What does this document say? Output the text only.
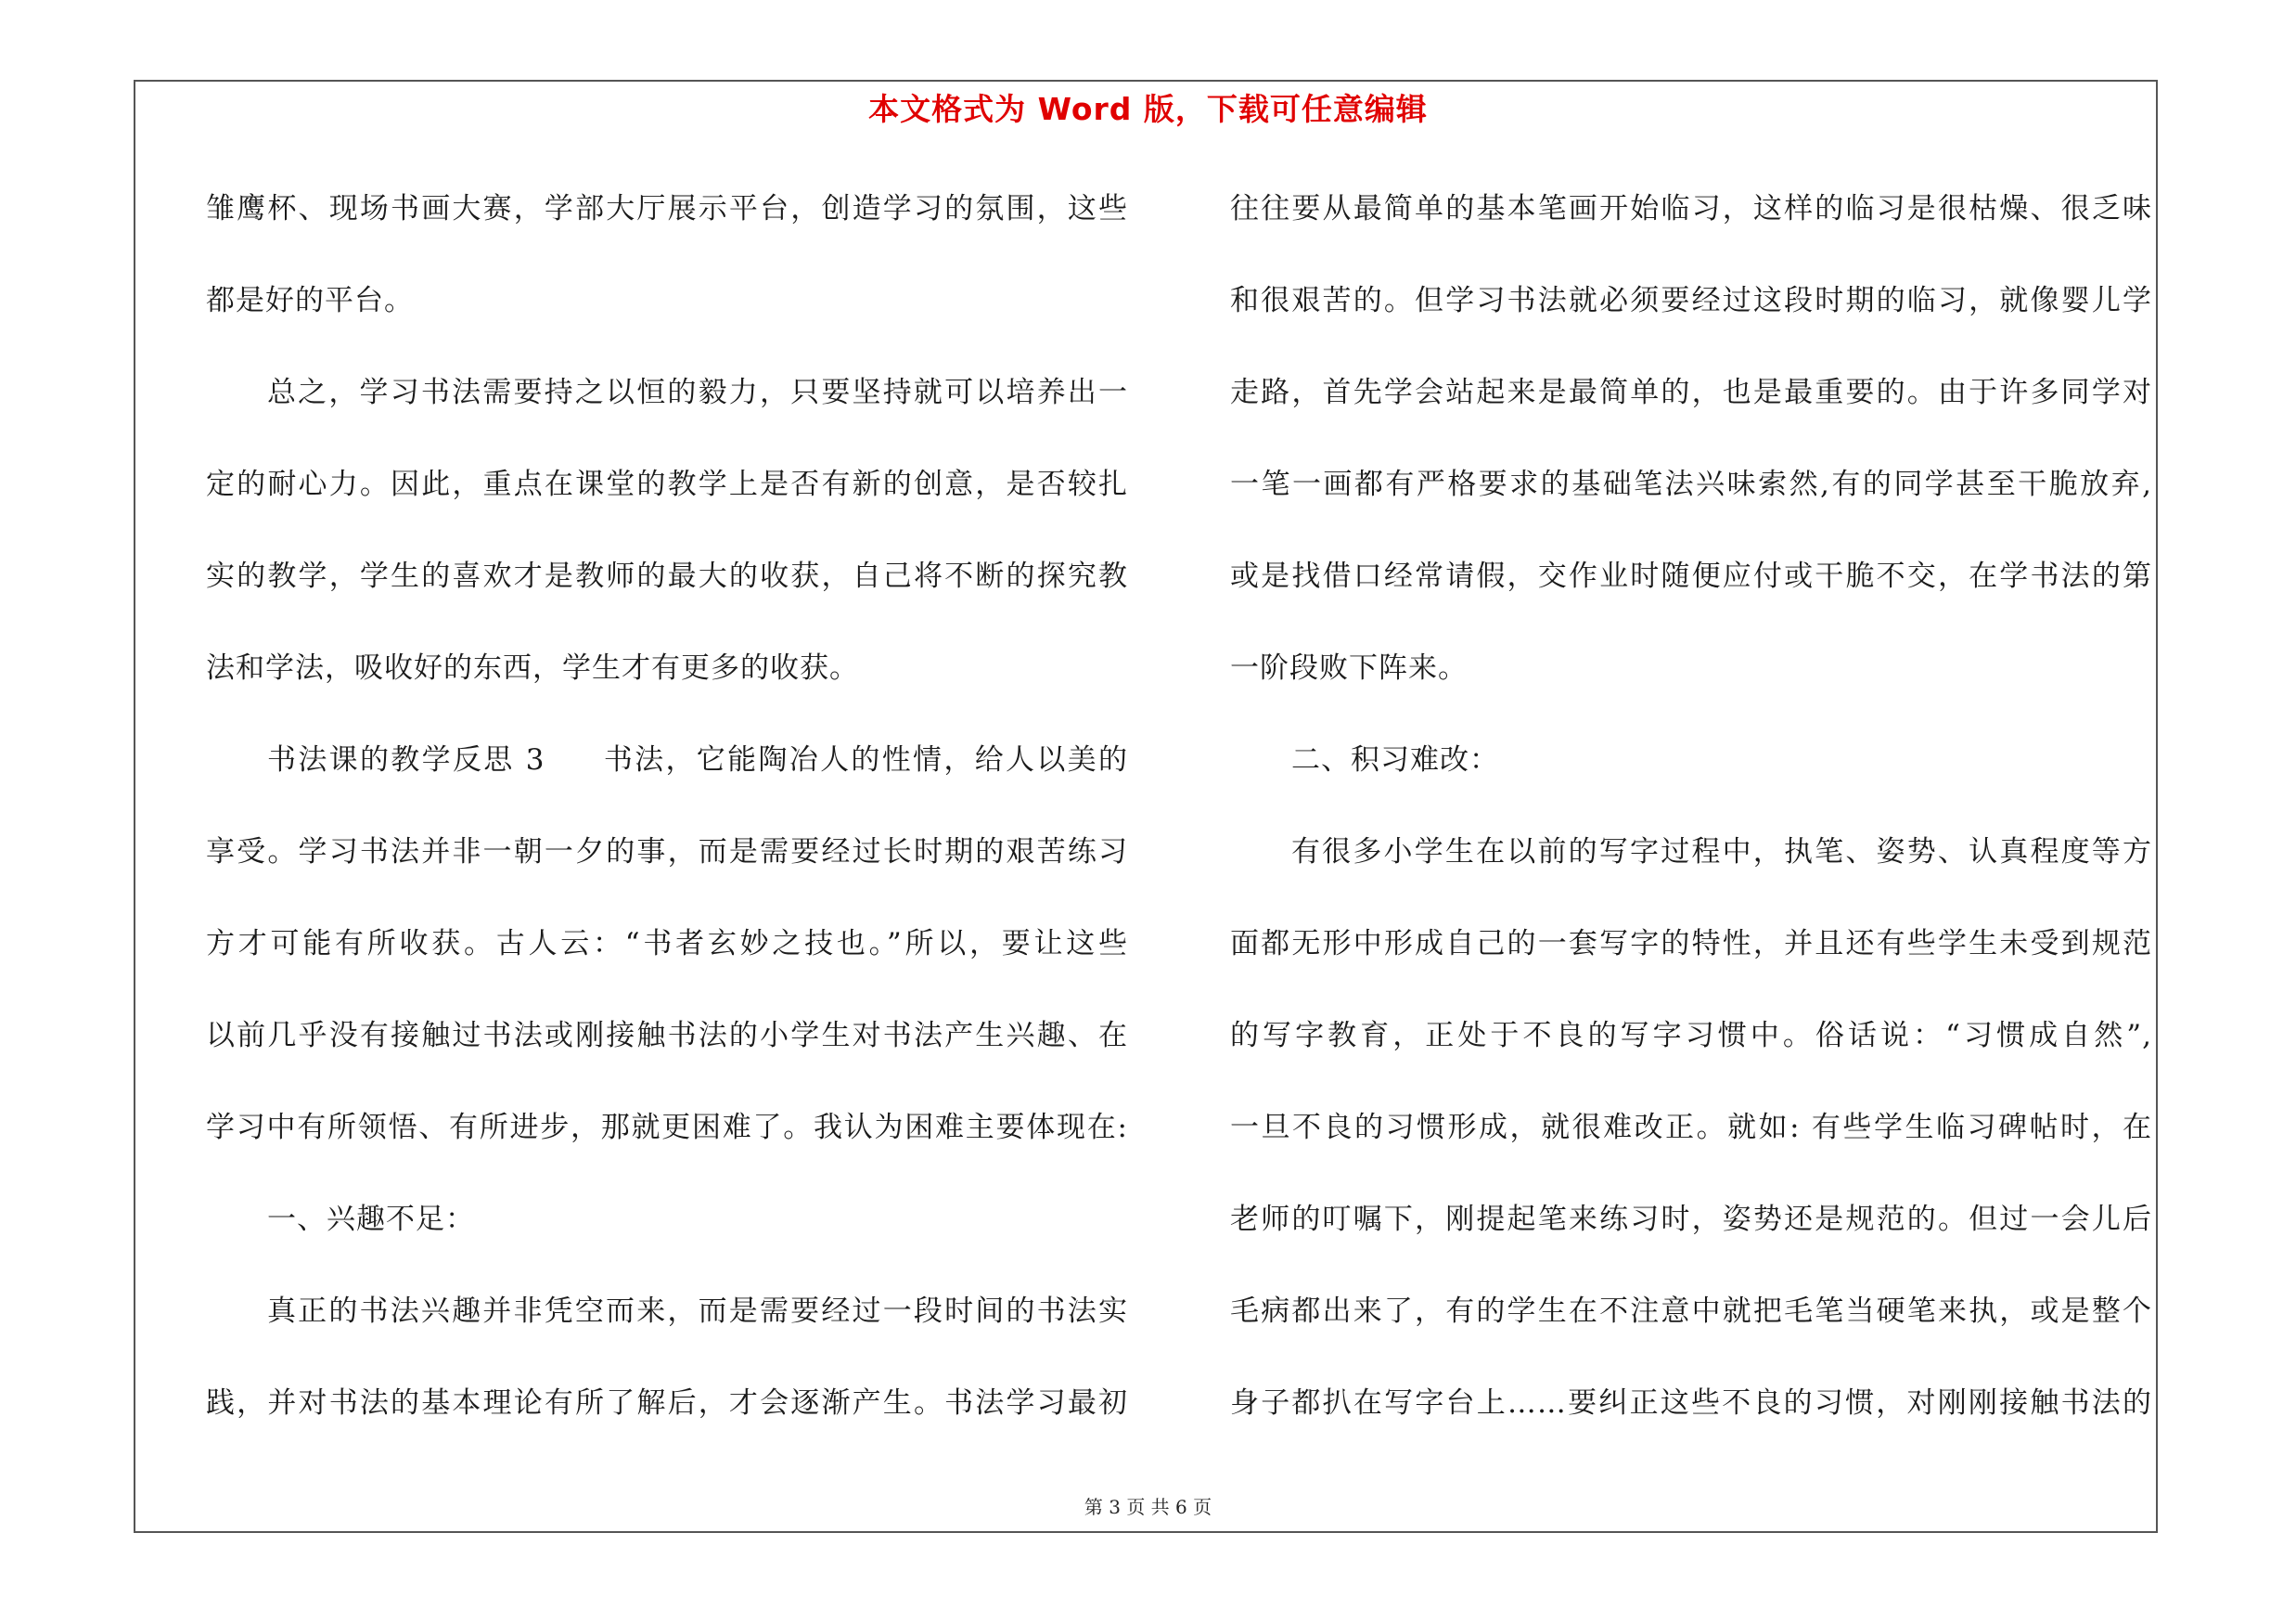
本文格式为 Word 版，下载可任意编辑
雏鹰杯、现场书画大赛，学部大厅展示平台，创造学习的氛围，这些
都是好的平台。
总之，学习书法需要持之以恒的毅力，只要坚持就可以培养出一
定的耐心力。因此，重点在课堂的教学上是否有新的创意，是否较扎
实的教学，学生的喜欢才是教师的最大的收获，自己将不断的探究教
法和学法，吸收好的东西，学生才有更多的收获。
书法课的教学反思 3 书法，它能陶冶人的性情，给人以美的
享受。学习书法并非一朝一夕的事，而是需要经过长时期的艰苦练习
方才可能有所收获。古人云：“书者玄妙之技也。”所以，要让这些
以前几乎没有接触过书法或刚接触书法的小学生对书法产生兴趣、在
学习中有所领悟、有所进步，那就更困难了。我认为困难主要体现在:
一、兴趣不足：
真正的书法兴趣并非凭空而来，而是需要经过一段时间的书法实
践，并对书法的基本理论有所了解后，才会逐渐产生。书法学习最初
往往要从最简单的基本笔画开始临习，这样的临习是很枯燥、很乏味
和很艰苦的。但学习书法就必须要经过这段时期的临习，就像婴儿学
走路，首先学会站起来是最简单的，也是最重要的。由于许多同学对
一笔一画都有严格要求的基础笔法兴味索然,有的同学甚至干脆放弃,
或是找借口经常请假，交作业时随便应付或干脆不交，在学书法的第
一阶段败下阵来。
二、积习难改：
有很多小学生在以前的写字过程中，执笔、姿势、认真程度等方
面都无形中形成自己的一套写字的特性，并且还有些学生未受到规范
的写字教育，正处于不良的写字习惯中。俗话说：“习惯成自然”,
一旦不良的习惯形成，就很难改正。就如: 有些学生临习碑帖时，在
老师的叮嘱下，刚提起笔来练习时，姿势还是规范的。但过一会儿后
毛病都出来了，有的学生在不注意中就把毛笔当硬笔来执，或是整个
身子都扒在写字台上……要纠正这些不良的习惯，对刚刚接触书法的
第 3 页 共 6 页
